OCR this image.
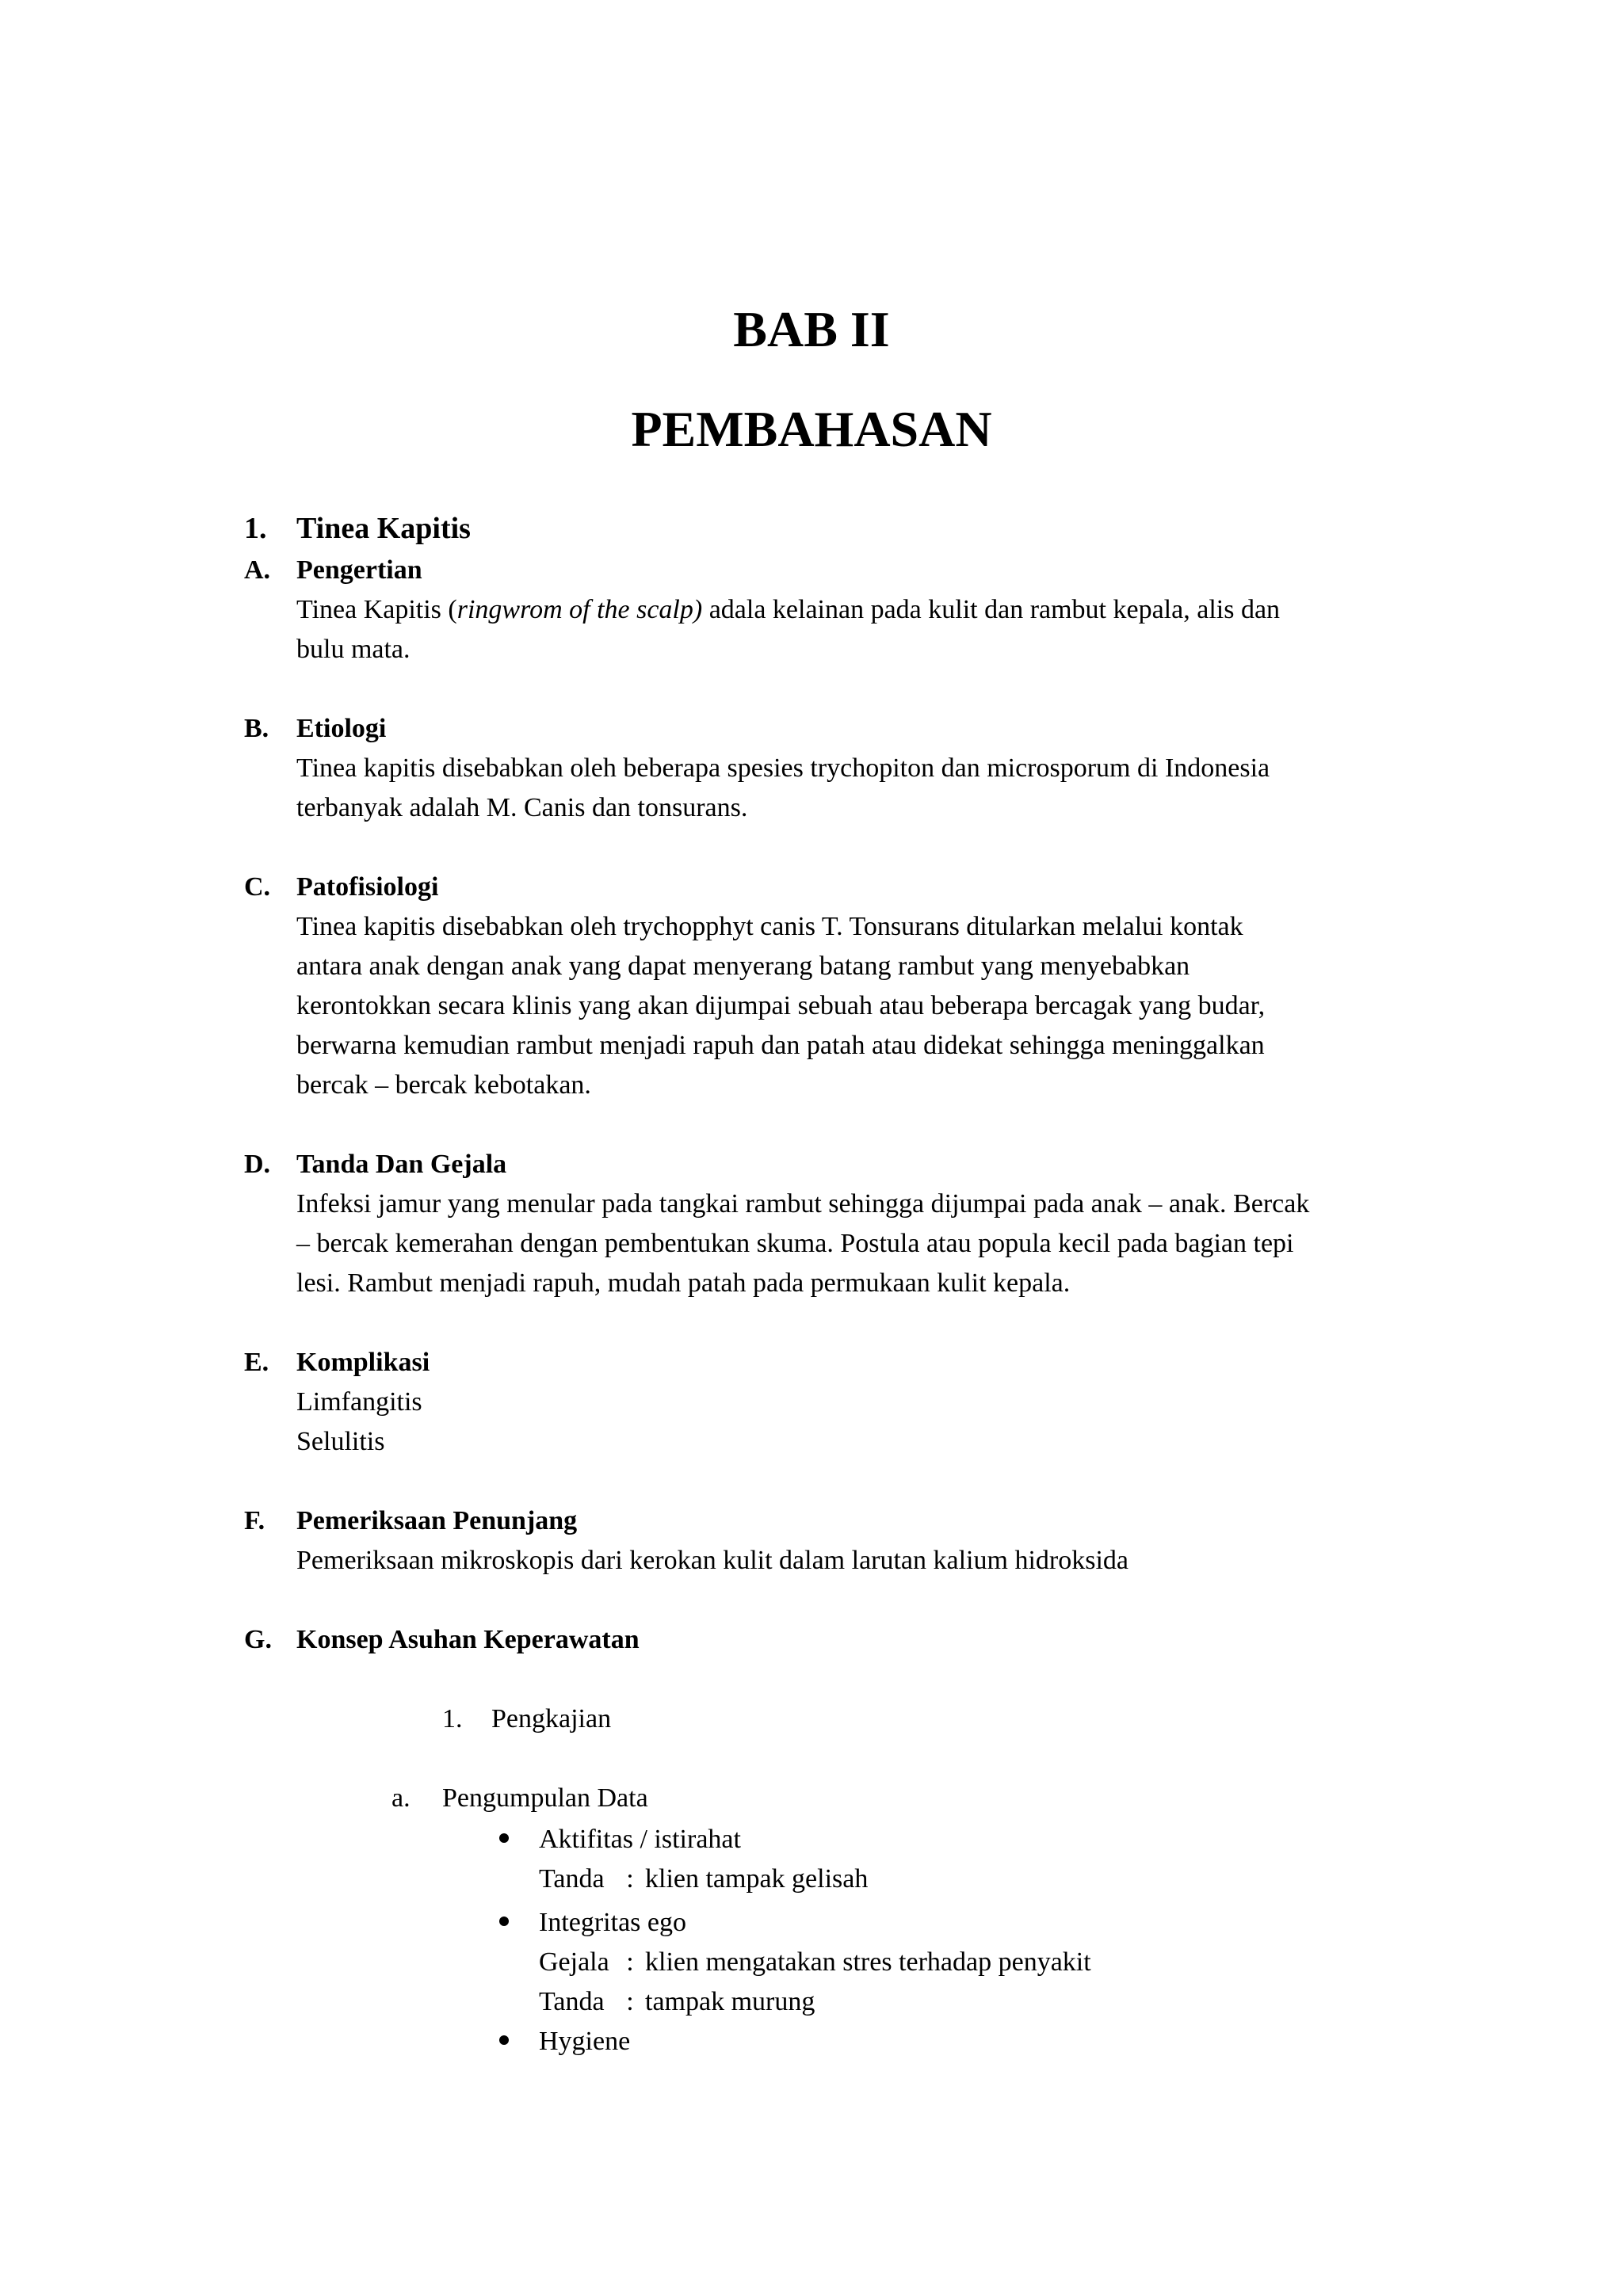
BAB II
PEMBAHASAN
1. Tinea Kapitis
A. Pengertian
Tinea Kapitis (ringwrom of the scalp) adala kelainan pada kulit dan rambut kepala, alis dan
bulu mata.
B. Etiologi
Tinea kapitis disebabkan oleh beberapa spesies trychopiton dan microsporum di Indonesia
terbanyak adalah M. Canis dan tonsurans.
C. Patofisiologi
Tinea kapitis disebabkan oleh trychopphyt canis T. Tonsurans ditularkan melalui kontak
antara anak dengan anak yang dapat menyerang batang rambut yang menyebabkan
kerontokkan secara klinis yang akan dijumpai sebuah atau beberapa bercagak yang budar,
berwarna kemudian rambut menjadi rapuh dan patah atau didekat sehingga meninggalkan
bercak – bercak kebotakan.
D. Tanda Dan Gejala
Infeksi jamur yang menular pada tangkai rambut sehingga dijumpai pada anak – anak. Bercak
– bercak kemerahan dengan pembentukan skuma. Postula atau popula kecil pada bagian tepi
lesi. Rambut menjadi rapuh, mudah patah pada permukaan kulit kepala.
E. Komplikasi
Limfangitis
Selulitis
F. Pemeriksaan Penunjang
Pemeriksaan mikroskopis dari kerokan kulit dalam larutan kalium hidroksida
G. Konsep Asuhan Keperawatan
1. Pengkajian
a. Pengumpulan Data
Aktifitas / istirahat
Tanda : klien tampak gelisah
Integritas ego
Gejala : klien mengatakan stres terhadap penyakit
Tanda : tampak murung
Hygiene
